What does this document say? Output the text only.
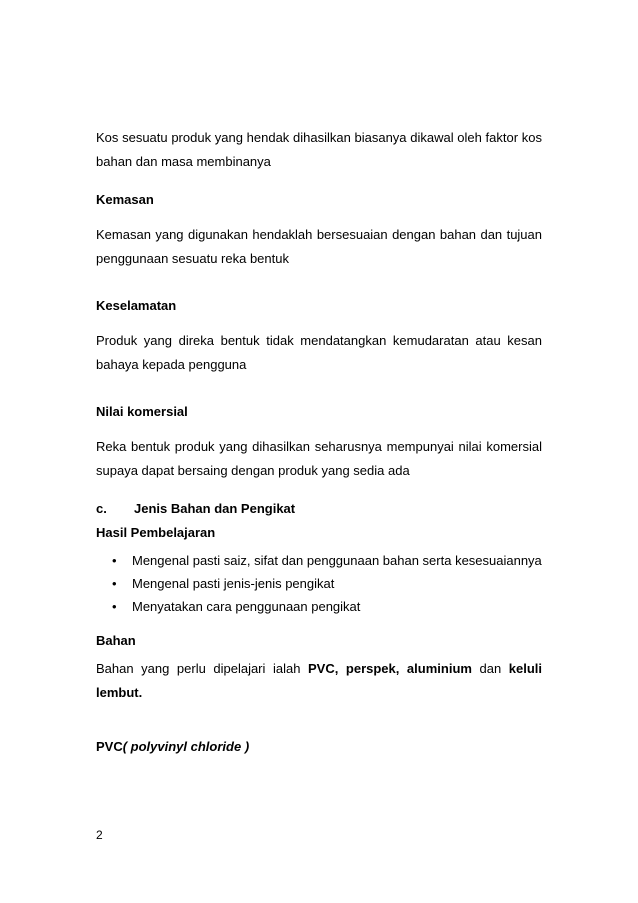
Kos sesuatu produk yang hendak dihasilkan biasanya dikawal oleh faktor kos bahan dan masa membinanya

Kemasan

Kemasan yang digunakan hendaklah bersesuaian dengan bahan dan tujuan penggunaan sesuatu reka bentuk

Keselamatan

Produk yang direka bentuk tidak mendatangkan kemudaratan atau kesan bahaya kepada pengguna

Nilai komersial

Reka bentuk produk yang dihasilkan seharusnya mempunyai nilai komersial supaya dapat bersaing dengan produk yang sedia ada

c. Jenis Bahan dan Pengikat

Hasil Pembelajaran

• Mengenal pasti saiz, sifat dan penggunaan bahan serta kesesuaiannya
• Mengenal pasti jenis-jenis pengikat
• Menyatakan cara penggunaan pengikat

Bahan

Bahan yang perlu dipelajari ialah PVC, perspek, aluminium dan keluli lembut.

PVC( polyvinyl chloride )

2
